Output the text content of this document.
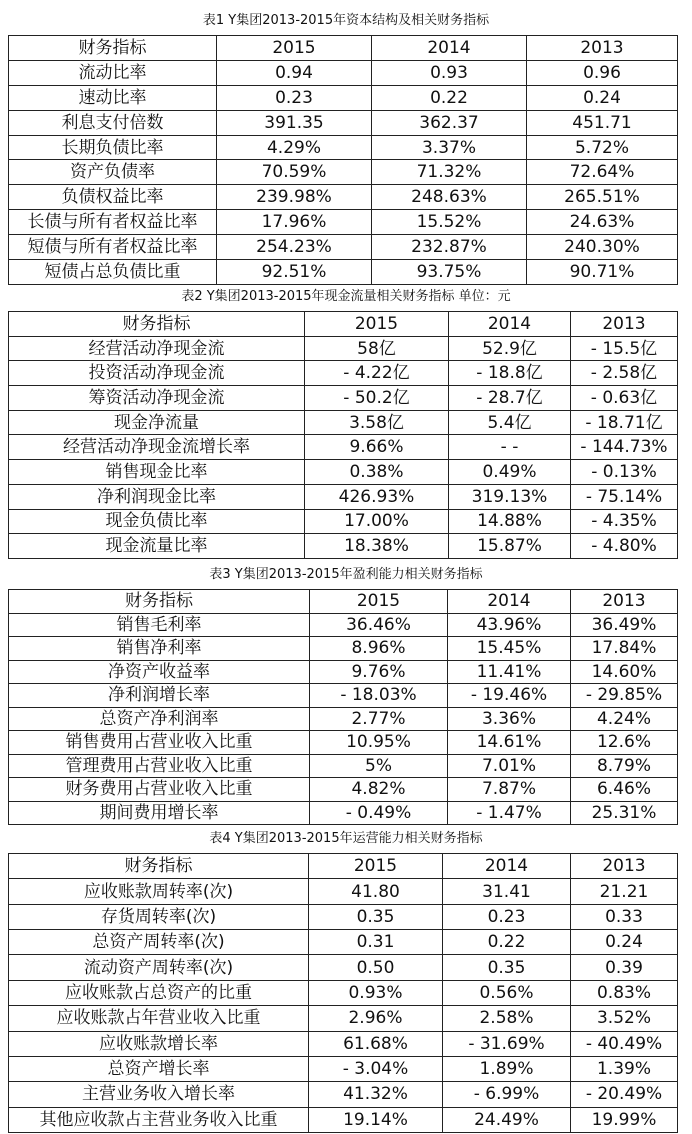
表1 Y集团2013-2015年资本结构及相关财务指标
财务指标	2015	2014	2013
流动比率	0.94	0.93	0.96
速动比率	0.23	0.22	0.24
利息支付倍数	391.35	362.37	451.71
长期负债比率	4.29%	3.37%	5.72%
资产负债率	70.59%	71.32%	72.64%
负债权益比率	239.98%	248.63%	265.51%
长债与所有者权益比率	17.96%	15.52%	24.63%
短债与所有者权益比率	254.23%	232.87%	240.30%
短债占总负债比重	92.51%	93.75%	90.71%
表2 Y集团2013-2015年现金流量相关财务指标 单位：元
财务指标	2015	2014	2013
经营活动净现金流	58亿	52.9亿	- 15.5亿
投资活动净现金流	- 4.22亿	- 18.8亿	- 2.58亿
筹资活动净现金流	- 50.2亿	- 28.7亿	- 0.63亿
现金净流量	3.58亿	5.4亿	- 18.71亿
经营活动净现金流增长率	9.66%	- -	- 144.73%
销售现金比率	0.38%	0.49%	- 0.13%
净利润现金比率	426.93%	319.13%	- 75.14%
现金负债比率	17.00%	14.88%	- 4.35%
现金流量比率	18.38%	15.87%	- 4.80%
表3 Y集团2013-2015年盈利能力相关财务指标
财务指标	2015	2014	2013
销售毛利率	36.46%	43.96%	36.49%
销售净利率	8.96%	15.45%	17.84%
净资产收益率	9.76%	11.41%	14.60%
净利润增长率	- 18.03%	- 19.46%	- 29.85%
总资产净利润率	2.77%	3.36%	4.24%
销售费用占营业收入比重	10.95%	14.61%	12.6%
管理费用占营业收入比重	5%	7.01%	8.79%
财务费用占营业收入比重	4.82%	7.87%	6.46%
期间费用增长率	- 0.49%	- 1.47%	25.31%
表4 Y集团2013-2015年运营能力相关财务指标
财务指标	2015	2014	2013
应收账款周转率(次)	41.80	31.41	21.21
存货周转率(次)	0.35	0.23	0.33
总资产周转率(次)	0.31	0.22	0.24
流动资产周转率(次)	0.50	0.35	0.39
应收账款占总资产的比重	0.93%	0.56%	0.83%
应收账款占年营业收入比重	2.96%	2.58%	3.52%
应收账款增长率	61.68%	- 31.69%	- 40.49%
总资产增长率	- 3.04%	1.89%	1.39%
主营业务收入增长率	41.32%	- 6.99%	- 20.49%
其他应收款占主营业务收入比重	19.14%	24.49%	19.99%
